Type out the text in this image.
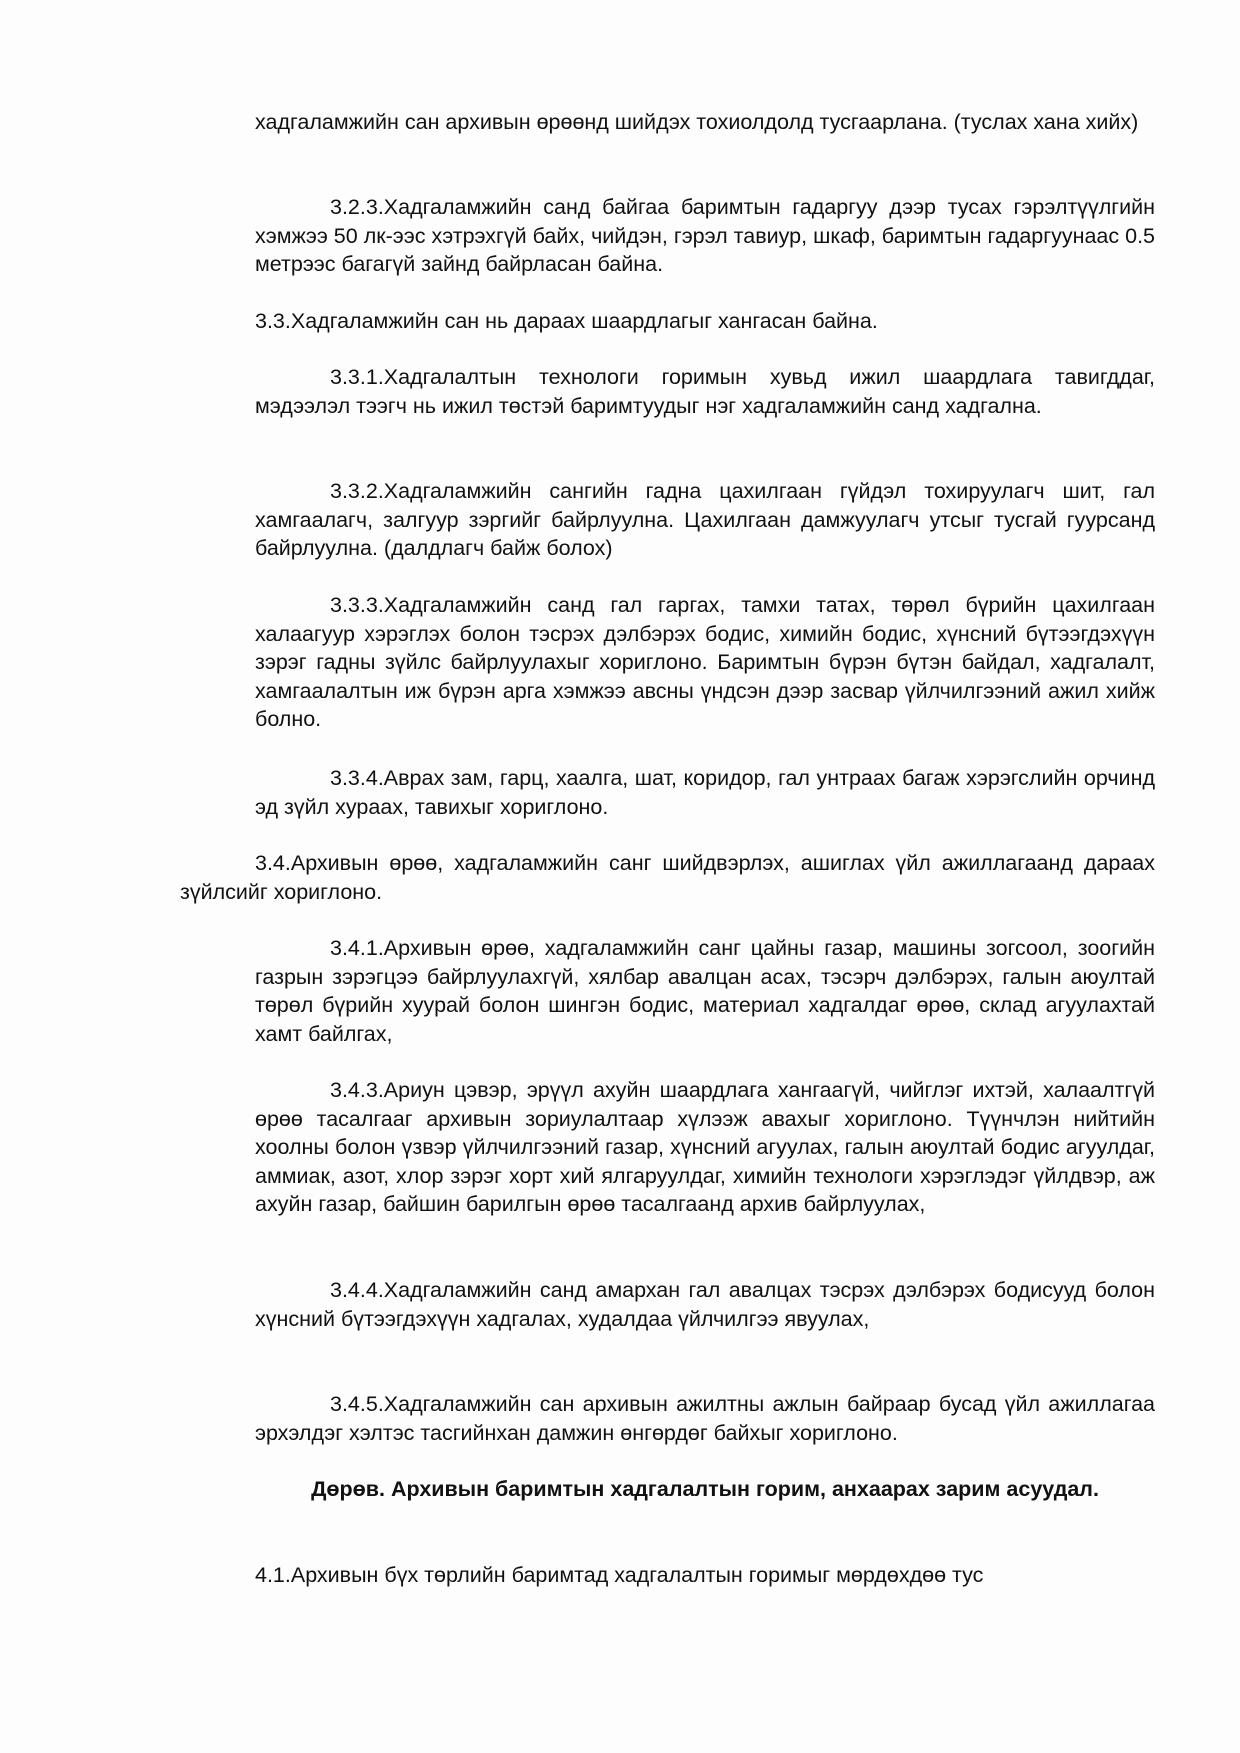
хадгаламжийн сан архивын өрөөнд шийдэх тохиолдолд тусгаарлана. (туслах хана хийх)

3.2.3.Хадгаламжийн санд байгаа баримтын гадаргуу дээр тусах гэрэлтүүлгийн хэмжээ 50 лк-ээс хэтрэхгүй байх, чийдэн, гэрэл тавиур, шкаф, баримтын гадаргуунаас 0.5 метрээс багагүй зайнд байрласан байна.

3.3.Хадгаламжийн сан нь дараах шаардлагыг хангасан байна.

3.3.1.Хадгалалтын технологи горимын хувьд ижил шаардлага тавигддаг, мэдээлэл тээгч нь ижил төстэй баримтуудыг нэг хадгаламжийн санд хадгална.

3.3.2.Хадгаламжийн сангийн гадна цахилгаан гүйдэл тохируулагч шит, гал хамгаалагч, залгуур зэргийг байрлуулна. Цахилгаан дамжуулагч утсыг тусгай гуурсанд байрлуулна. (далдлагч байж болох)

3.3.3.Хадгаламжийн санд гал гаргах, тамхи татах, төрөл бүрийн цахилгаан халаагуур хэрэглэх болон тэсрэх дэлбэрэх бодис, химийн бодис, хүнсний бүтээгдэхүүн зэрэг гадны зүйлс байрлуулахыг хориглоно. Баримтын бүрэн бүтэн байдал, хадгалалт, хамгаалалтын иж бүрэн арга хэмжээ авсны үндсэн дээр засвар үйлчилгээний ажил хийж болно.

3.3.4.Аврах зам, гарц, хаалга, шат, коридор, гал унтраах багаж хэрэгслийн орчинд эд зүйл хураах, тавихыг хориглоно.

3.4.Архивын өрөө, хадгаламжийн санг шийдвэрлэх, ашиглах үйл ажиллагаанд дараах зүйлсийг хориглоно.

3.4.1.Архивын өрөө, хадгаламжийн санг цайны газар, машины зогсоол, зоогийн газрын зэрэгцээ байрлуулахгүй, хялбар авалцан асах, тэсэрч дэлбэрэх, галын аюултай төрөл бүрийн хуурай болон шингэн бодис, материал хадгалдаг өрөө, склад агуулахтай хамт байлгах,

3.4.3.Ариун цэвэр, эрүүл ахуйн шаардлага хангаагүй, чийглэг ихтэй, халаалтгүй өрөө тасалгааг архивын зориулалтаар хүлээж авахыг хориглоно. Түүнчлэн нийтийн хоолны болон үзвэр үйлчилгээний газар, хүнсний агуулах, галын аюултай бодис агуулдаг, аммиак, азот, хлор зэрэг хорт хий ялгаруулдаг, химийн технологи хэрэглэдэг үйлдвэр, аж ахуйн газар, байшин барилгын өрөө тасалгаанд архив байрлуулах,

3.4.4.Хадгаламжийн санд амархан гал авалцах тэсрэх дэлбэрэх бодисууд болон хүнсний бүтээгдэхүүн хадгалах, худалдаа үйлчилгээ явуулах,

3.4.5.Хадгаламжийн сан архивын ажилтны ажлын байраар бусад үйл ажиллагаа эрхэлдэг хэлтэс тасгийнхан дамжин өнгөрдөг байхыг хориглоно.

Дөрөв. Архивын баримтын хадгалалтын горим, анхаарах зарим асуудал.

4.1.Архивын бүх төрлийн баримтад хадгалалтын горимыг мөрдөхдөө тус
